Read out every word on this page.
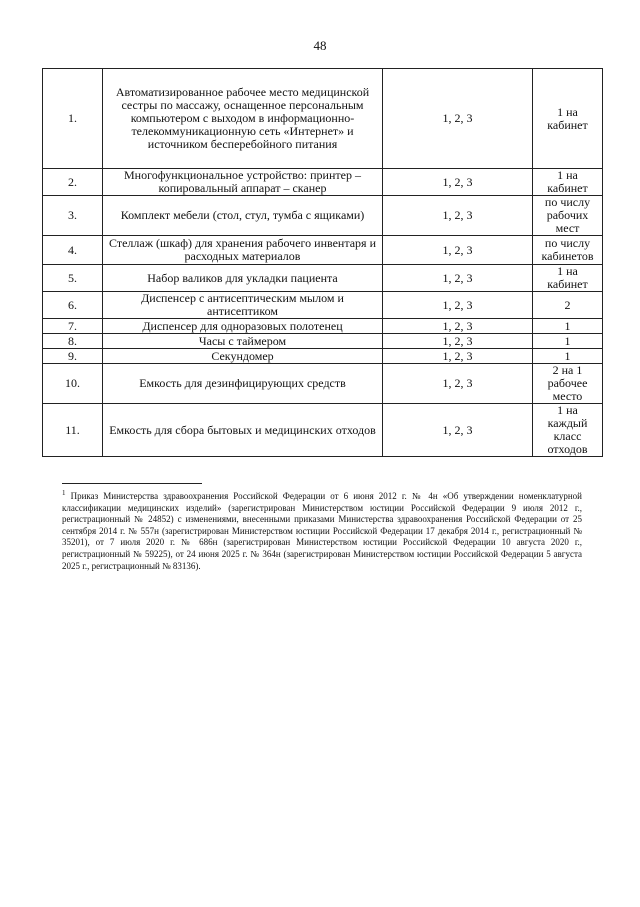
48
1.	Автоматизированное рабочее место медицинской сестры по массажу, оснащенное персональным компьютером с выходом в информационно-телекоммуникационную сеть «Интернет» и источником бесперебойного питания	1, 2, 3	1 на кабинет
2.	Многофункциональное устройство: принтер – копировальный аппарат – сканер	1, 2, 3	1 на кабинет
3.	Комплект мебели (стол, стул, тумба с ящиками)	1, 2, 3	по числу рабочих мест
4.	Стеллаж (шкаф) для хранения рабочего инвентаря и расходных материалов	1, 2, 3	по числу кабинетов
5.	Набор валиков для укладки пациента	1, 2, 3	1 на кабинет
6.	Диспенсер с антисептическим мылом и антисептиком	1, 2, 3	2
7.	Диспенсер для одноразовых полотенец	1, 2, 3	1
8.	Часы с таймером	1, 2, 3	1
9.	Секундомер	1, 2, 3	1
10.	Емкость для дезинфицирующих средств	1, 2, 3	2 на 1 рабочее место
11.	Емкость для сбора бытовых и медицинских отходов	1, 2, 3	1 на каждый класс отходов
$^1$ Приказ Министерства здравоохранения Российской Федерации от 6 июня 2012 г. № 4н «Об утверждении номенклатурной классификации медицинских изделий» (зарегистрирован Министерством юстиции Российской Федерации 9 июля 2012 г., регистрационный № 24852) с изменениями, внесенными приказами Министерства здравоохранения Российской Федерации от 25 сентября 2014 г. № 557н (зарегистрирован Министерством юстиции Российской Федерации 17 декабря 2014 г., регистрационный № 35201), от 7 июля 2020 г. № 686н (зарегистрирован Министерством юстиции Российской Федерации 10 августа 2020 г., регистрационный № 59225), от 24 июня 2025 г. № 364н (зарегистрирован Министерством юстиции Российской Федерации 5 августа 2025 г., регистрационный № 83136).
